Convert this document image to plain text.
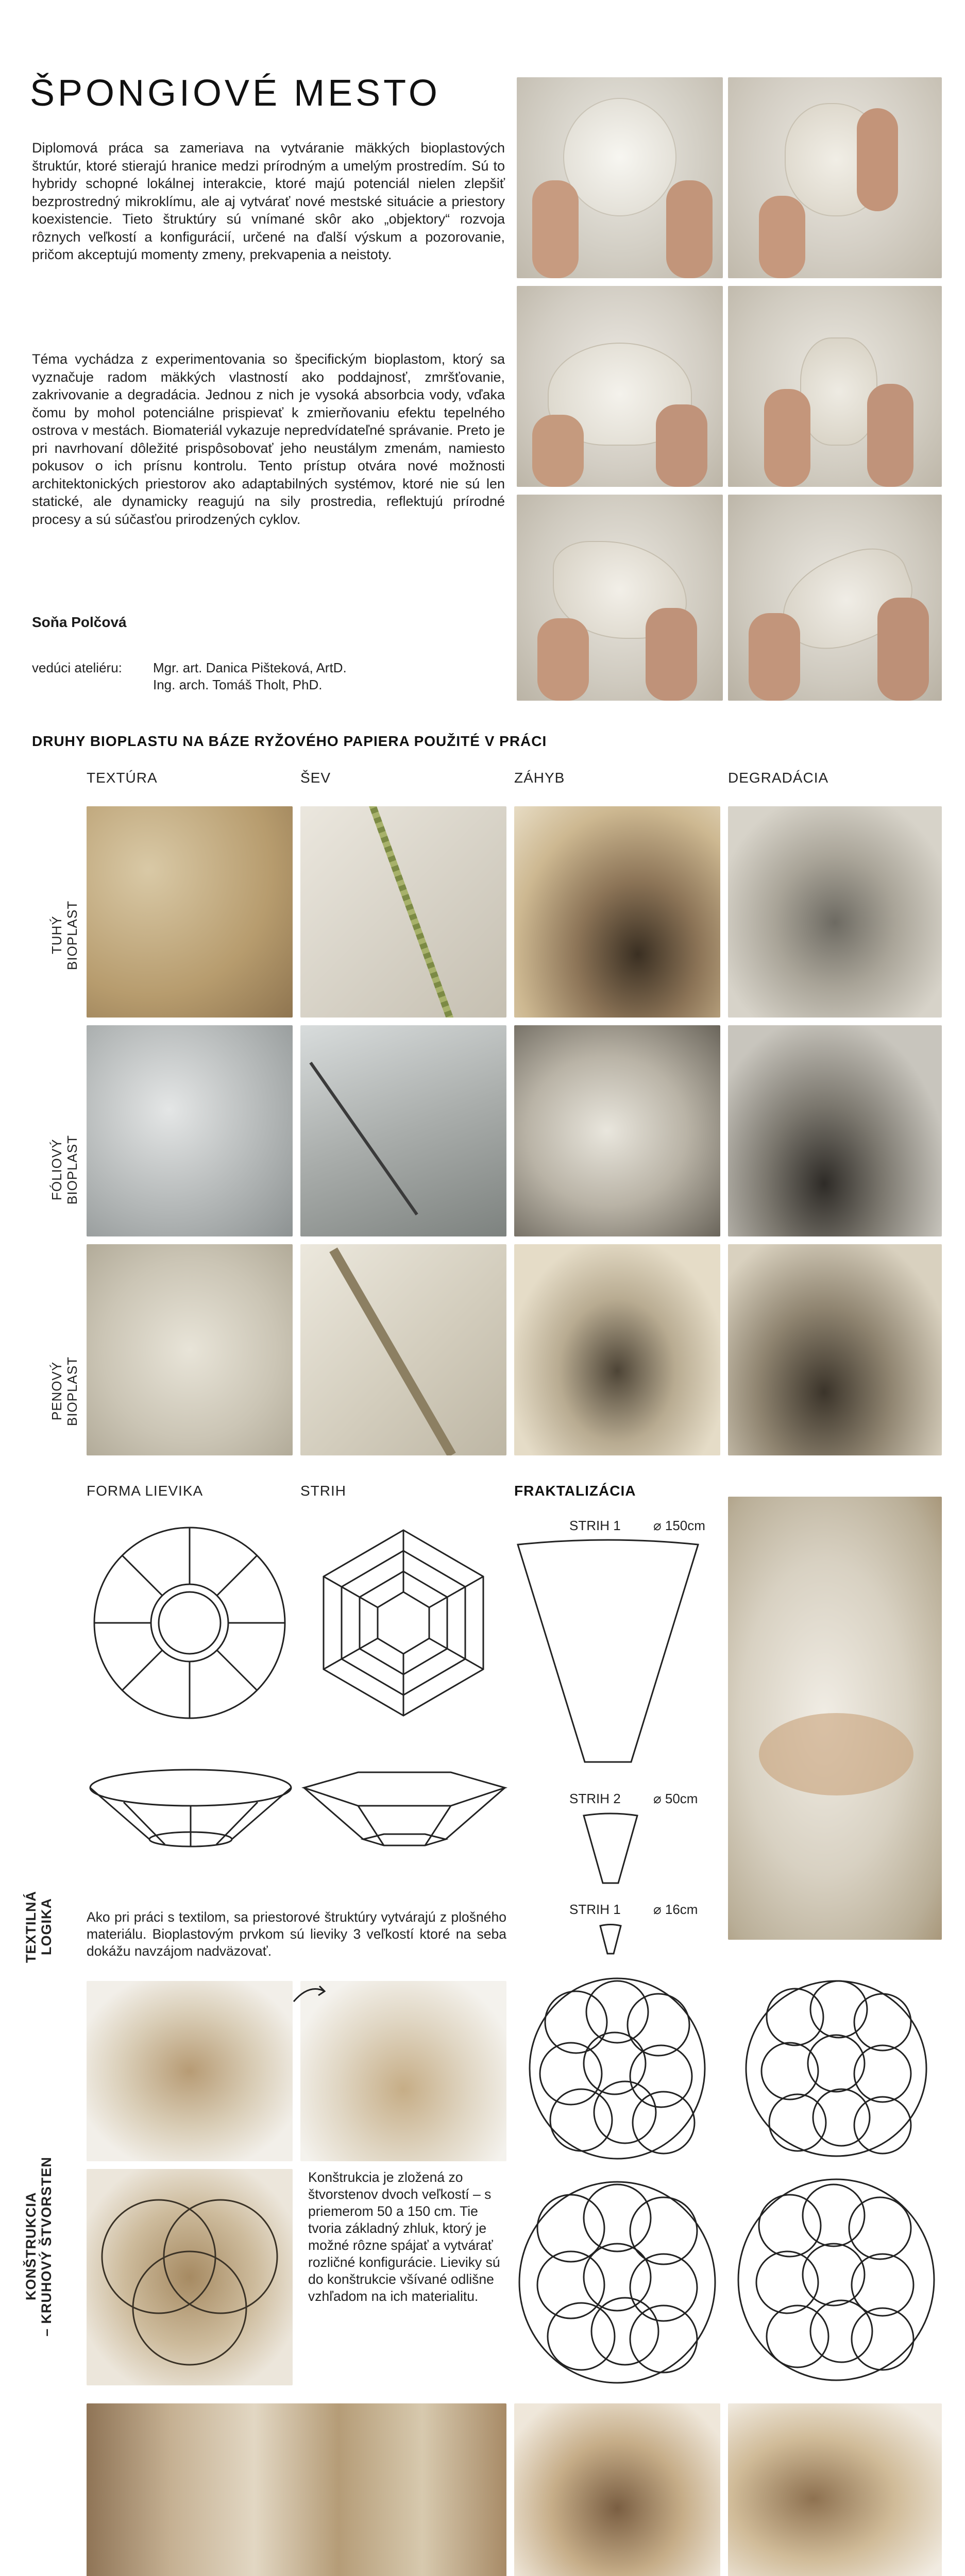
ŠPONGIOVÉ MESTO

Diplomová práca sa zameriava na vytváranie mäkkých bioplastových štruktúr, ktoré stierajú hranice medzi prírodným a umelým prostredím. Sú to hybridy schopné lokálnej interakcie, ktoré majú potenciál nielen zlepšiť bezprostredný mikroklímu, ale aj vytvárať nové mestské situácie a priestory koexistencie. Tieto štruktúry sú vnímané skôr ako „objektory“ rozvoja rôznych veľkostí a konfigurácií, určené na ďalší výskum a pozorovanie, pričom akceptujú momenty zmeny, prekvapenia a neistoty.

Téma vychádza z experimentovania so špecifickým bioplastom, ktorý sa vyznačuje radom mäkkých vlastností ako poddajnosť, zmršťovanie, zakrivovanie a degradácia. Jednou z nich je vysoká absorbcia vody, vďaka čomu by mohol potenciálne prispievať k zmierňovaniu efektu tepelného ostrova v mestách. Biomateriál vykazuje nepredvídateľné správanie. Preto je pri navrhovaní dôležité prispôsobovať jeho neustálym zmenám, namiesto pokusov o ich prísnu kontrolu. Tento prístup otvára nové možnosti architektonických priestorov ako adaptabilných systémov, ktoré nie sú len statické, ale dynamicky reagujú na sily prostredia, reflektujú prírodné procesy a sú súčasťou prirodzených cyklov.

Soňa Polčová
vedúci ateliéru: Mgr. art. Danica Pišteková, ArtD.
Ing. arch. Tomáš Tholt, PhD.
DRUHY BIOPLASTU NA BÁZE RYŽOVÉHO PAPIERA POUŽITÉ V PRÁCI
TEXTÚRA	ŠEV	ZÁHYB	DEGRADÁCIA
TUHÝ
BIOPLAST
FÓLIOVÝ
BIOPLAST
PENOVÝ
BIOPLAST
FORMA LIEVIKA	STRIH	FRAKTALIZÁCIA
STRIH 1 ⌀ 150cm
STRIH 2 ⌀ 50cm
STRIH 1 ⌀ 16cm
TEXTILNÁ
LOGIKA Ako pri práci s textilom, sa priestorové štruktúry vytvárajú z plošného materiálu. Bioplastovým prvkom sú lieviky 3 veľkostí ktoré na seba dokážu navzájom nadväzovať.

Konštrukcia je zložená zo štvorstenov dvoch veľkostí – s priemerom 50 a 150 cm. Tie tvoria základný zhluk, ktorý je možné rôzne spájať a vytvárať rozličné konfigurácie. Lieviky sú do konštrukcie všívané odlišne vzhľadom na ich materialitu.

KONŠTRUKCIA
– KRUHOVÝ ŠTVORSTEN
